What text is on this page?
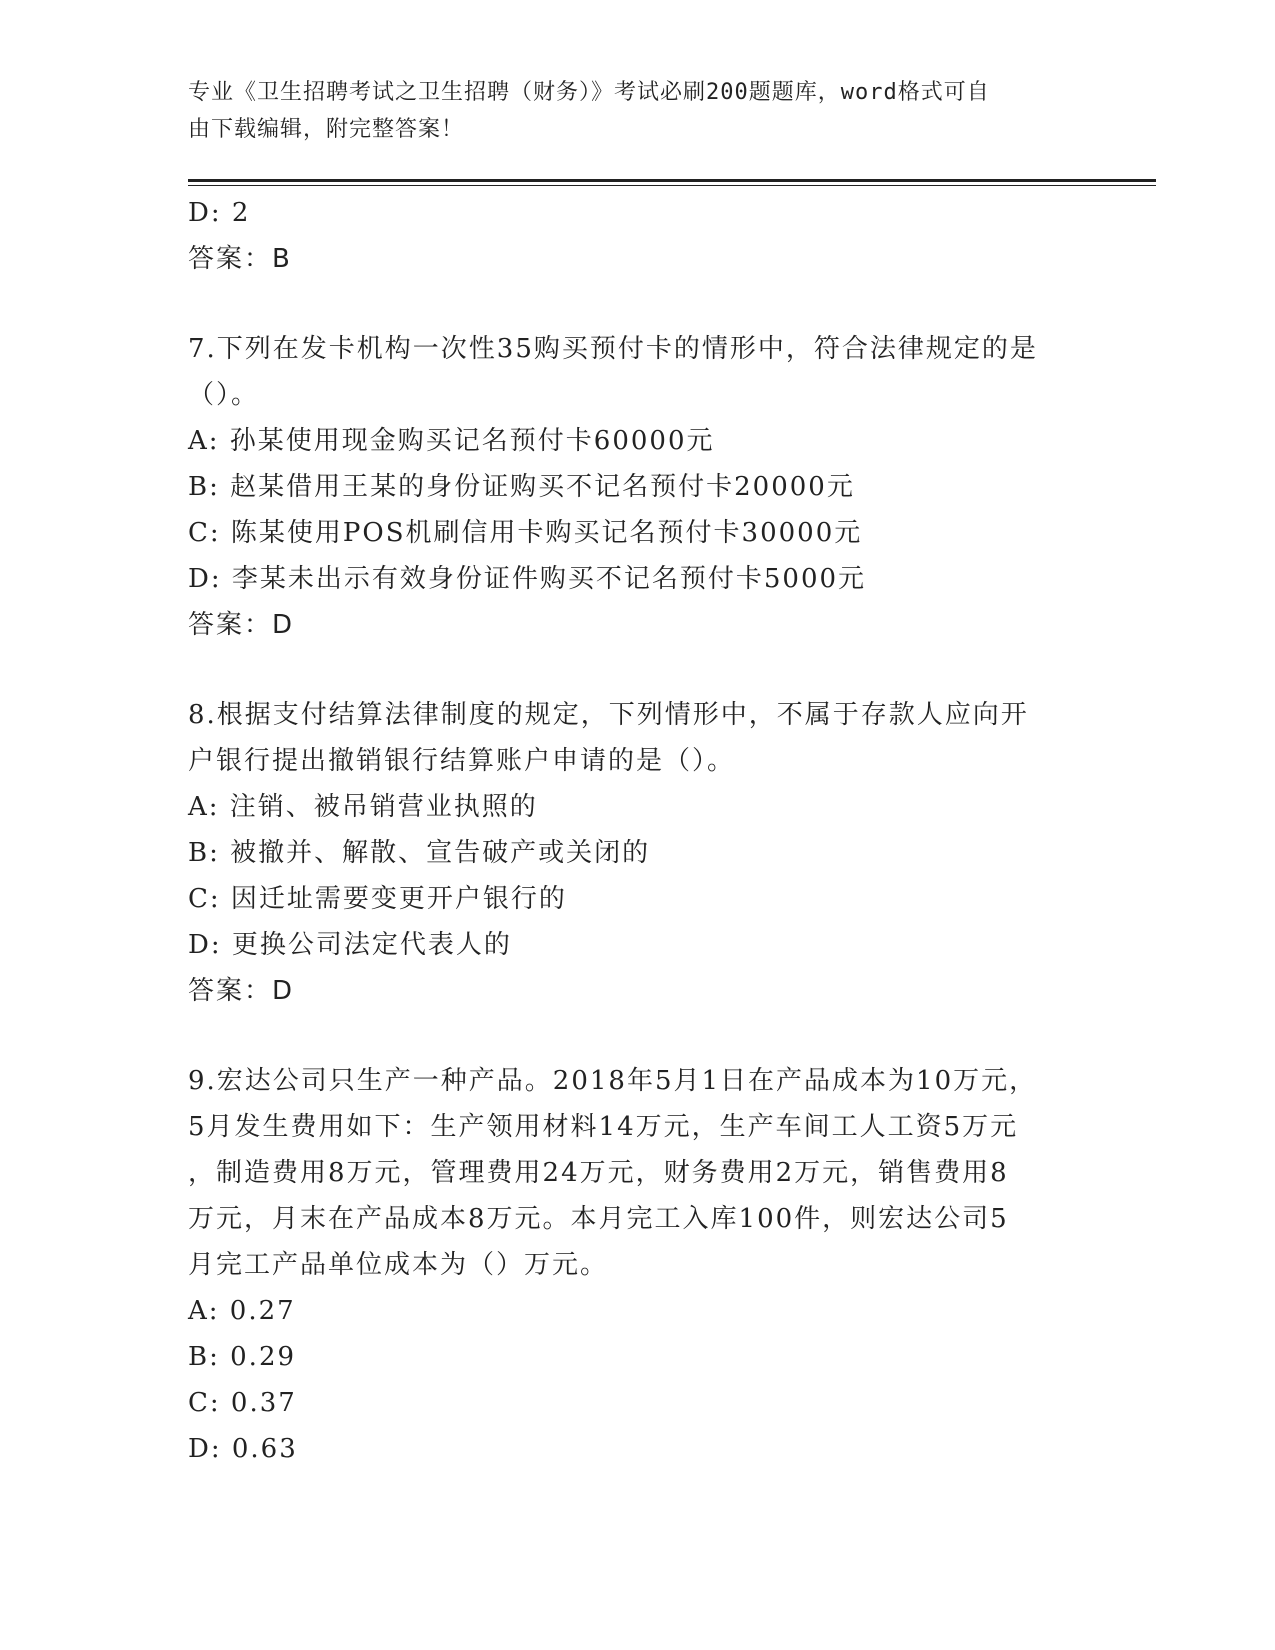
专业《卫生招聘考试之卫生招聘（财务）》考试必刷200题题库，word格式可自
由下载编辑，附完整答案！
D: 2
答案：B
7.下列在发卡机构一次性35购买预付卡的情形中，符合法律规定的是
（）。
A: 孙某使用现金购买记名预付卡60000元
B: 赵某借用王某的身份证购买不记名预付卡20000元
C: 陈某使用POS机刷信用卡购买记名预付卡30000元
D: 李某未出示有效身份证件购买不记名预付卡5000元
答案：D
8.根据支付结算法律制度的规定，下列情形中，不属于存款人应向开
户银行提出撤销银行结算账户申请的是（）。
A: 注销、被吊销营业执照的
B: 被撤并、解散、宣告破产或关闭的
C: 因迁址需要变更开户银行的
D: 更换公司法定代表人的
答案：D
9.宏达公司只生产一种产品。2018年5月1日在产品成本为10万元，
5月发生费用如下：生产领用材料14万元，生产车间工人工资5万元
，制造费用8万元，管理费用24万元，财务费用2万元，销售费用8
万元，月末在产品成本8万元。本月完工入库100件，则宏达公司5
月完工产品单位成本为（）万元。
A: 0.27
B: 0.29
C: 0.37
D: 0.63
